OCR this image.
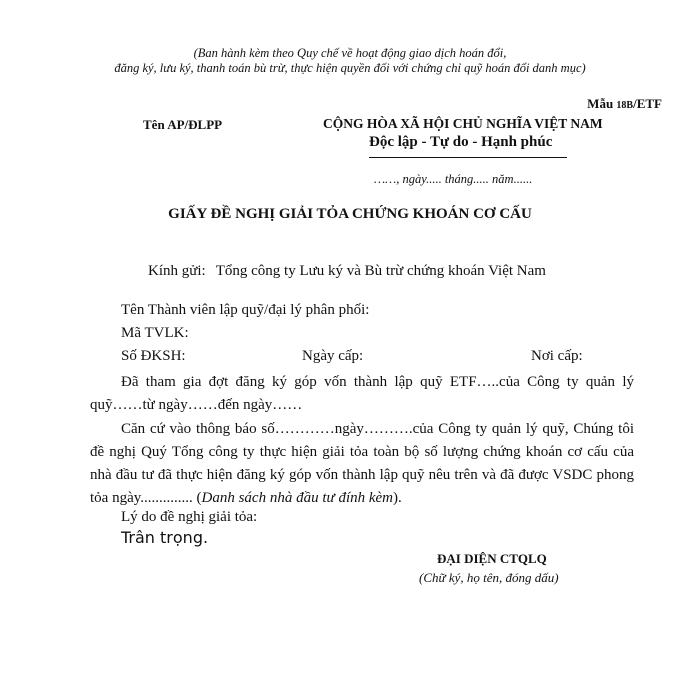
(Ban hành kèm theo Quy chế về hoạt động giao dịch hoán đổi,
đăng ký, lưu ký, thanh toán bù trừ, thực hiện quyền đối với chứng chỉ quỹ hoán đổi danh mục)
Mẫu 18B/ETF
Tên AP/ĐLPP	CỘNG HÒA XÃ HỘI CHỦ NGHĨA VIỆT NAM
Độc lập - Tự do - Hạnh phúc
……, ngày..... tháng..... năm......
GIẤY ĐỀ NGHỊ GIẢI TỎA CHỨNG KHOÁN CƠ CẤU
Kính gửi: Tổng công ty Lưu ký và Bù trừ chứng khoán Việt Nam
Tên Thành viên lập quỹ/đại lý phân phối:
Mã TVLK:
Số ĐKSH:	Ngày cấp:	Nơi cấp:
Đã tham gia đợt đăng ký góp vốn thành lập quỹ ETF…..của Công ty quản lý quỹ……từ ngày……đến ngày……
Căn cứ vào thông báo số…………ngày……….của Công ty quản lý quỹ, Chúng tôi đề nghị Quý Tổng công ty thực hiện giải tỏa toàn bộ số lượng chứng khoán cơ cấu của nhà đầu tư đã thực hiện đăng ký góp vốn thành lập quỹ nêu trên và đã được VSDC phong tỏa ngày.............. (Danh sách nhà đầu tư đính kèm).
Lý do đề nghị giải tỏa:
Trân trọng.
ĐẠI DIỆN CTQLQ
(Chữ ký, họ tên, đóng dấu)
